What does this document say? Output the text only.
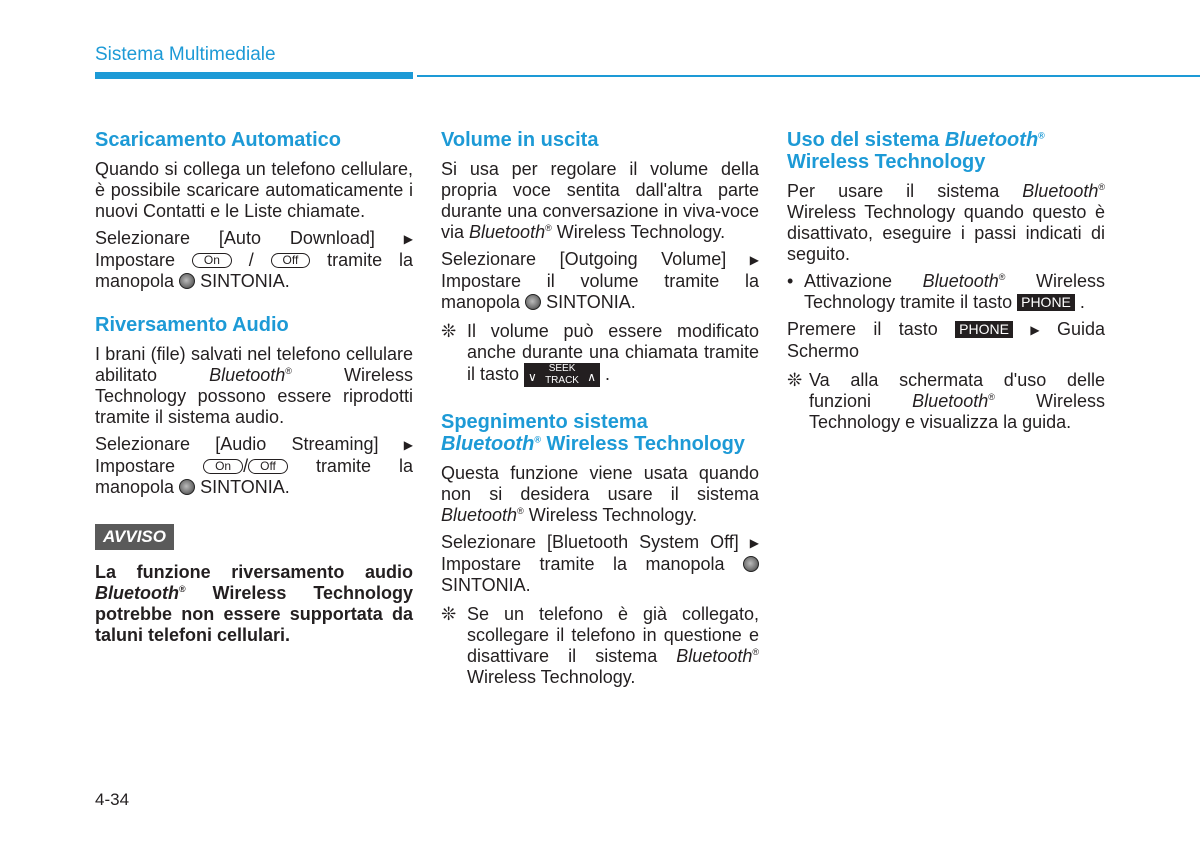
Sistema Multimediale
Scaricamento Automatico

Quando si collega un telefono cellulare, è possibile scaricare automaticamente i nuovi Contatti e le Liste chiamate.

Selezionare [Auto Download] ▶ Impostare On / Off tramite la manopola  SINTONIA.

Riversamento Audio

I brani (file) salvati nel telefono cellulare abilitato Bluetooth® Wireless Technology possono essere riprodotti tramite il sistema audio.

Selezionare [Audio Streaming] ▶ Impostare On / Off tramite la manopola  SINTONIA.

AVVISO
La funzione riversamento audio Bluetooth® Wireless Technology potrebbe non essere supportata da taluni telefoni cellulari.
Volume in uscita

Si usa per regolare il volume della propria voce sentita dall'altra parte durante una conversazione in viva-voce via Bluetooth® Wireless Technology.

Selezionare [Outgoing Volume] ▶ Impostare il volume tramite la manopola  SINTONIA.

❊ Il volume può essere modificato anche durante una chiamata tramite il tasto ∨
SEEK
TRACK ∧ .
Spegnimento sistema
Bluetooth® Wireless Technology

Questa funzione viene usata quando non si desidera usare il sistema Bluetooth® Wireless Technology.

Selezionare [Bluetooth System Off] ▶ Impostare tramite la manopola  SINTONIA.

❊ Se un telefono è già collegato, scollegare il telefono in questione e disattivare il sistema Bluetooth® Wireless Technology.
Uso del sistema Bluetooth®
Wireless Technology

Per usare il sistema Bluetooth® Wireless Technology quando questo è disattivato, eseguire i passi indicati di seguito.

• Attivazione Bluetooth® Wireless Technology tramite il tasto PHONE .

Premere il tasto PHONE ▶ Guida Schermo

❊ Va alla schermata d'uso delle funzioni Bluetooth® Wireless Technology e visualizza la guida.
4-34
